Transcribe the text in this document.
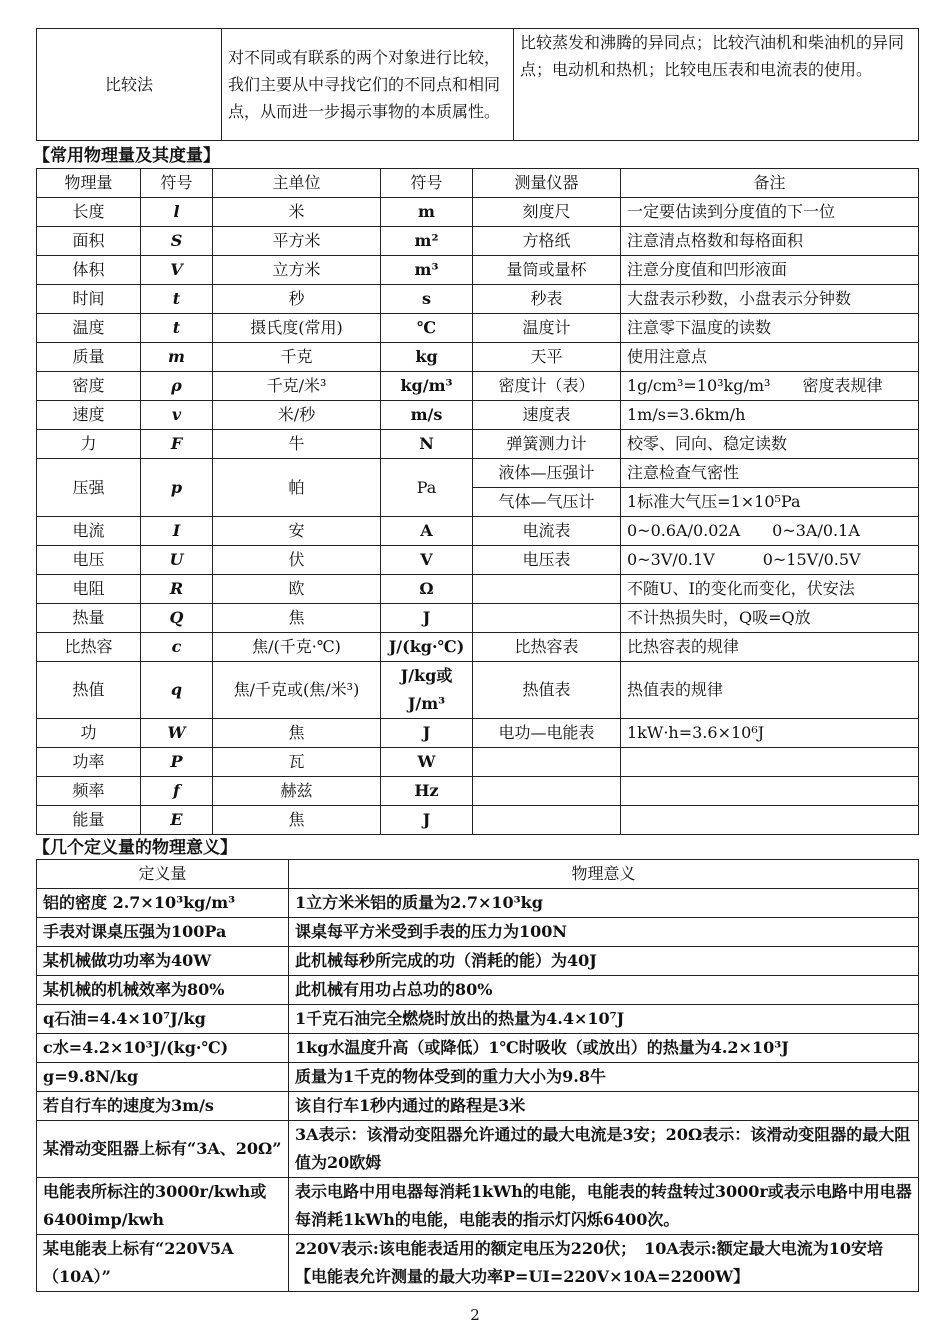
比较法	对不同或有联系的两个对象进行比较，我们主要从中寻找它们的不同点和相同点，从而进一步揭示事物的本质属性。	比较蒸发和沸腾的异同点；比较汽油机和柴油机的异同点；电动机和热机；比较电压表和电流表的使用。
【常用物理量及其度量】
物理量	符号	主单位	符号	测量仪器	备注
长度	l	米	m	刻度尺	一定要估读到分度值的下一位
面积	S	平方米	m²	方格纸	注意清点格数和每格面积
体积	V	立方米	m³	量筒或量杯	注意分度值和凹形液面
时间	t	秒	s	秒表	大盘表示秒数，小盘表示分钟数
温度	t	摄氏度(常用)	℃	温度计	注意零下温度的读数
质量	m	千克	kg	天平	使用注意点
密度	ρ	千克/米³	kg/m³	密度计（表）	1g/cm³=10³kg/m³　　密度表规律
速度	v	米/秒	m/s	速度表	1m/s=3.6km/h
力	F	牛	N	弹簧测力计	校零、同向、稳定读数
压强	p	帕	Pa	液体—压强计	注意检查气密性
				气体—气压计	1标准大气压=1×10⁵Pa
电流	I	安	A	电流表	0~0.6A/0.02A　　0~3A/0.1A
电压	U	伏	V	电压表	0~3V/0.1V　　　0~15V/0.5V
电阻	R	欧	Ω		不随U、I的变化而变化，伏安法
热量	Q	焦	J		不计热损失时，Q吸=Q放
比热容	c	焦/(千克·℃)	J/(kg·℃)	比热容表	比热容表的规律
热值	q	焦/千克或(焦/米³)	J/kg或J/m³	热值表	热值表的规律
功	W	焦	J	电功—电能表	1kW·h=3.6×10⁶J
功率	P	瓦	W		
频率	f	赫兹	Hz		
能量	E	焦	J		
【几个定义量的物理意义】
定义量	物理意义
铝的密度 2.7×10³kg/m³	1立方米米铝的质量为2.7×10³kg
手表对课桌压强为100Pa	课桌每平方米受到手表的压力为100N
某机械做功功率为40W	此机械每秒所完成的功（消耗的能）为40J
某机械的机械效率为80%	此机械有用功占总功的80%
q石油=4.4×10⁷J/kg	1千克石油完全燃烧时放出的热量为4.4×10⁷J
c水=4.2×10³J/(kg·℃)	1kg水温度升高（或降低）1℃时吸收（或放出）的热量为4.2×10³J
g=9.8N/kg	质量为1千克的物体受到的重力大小为9.8牛
若自行车的速度为3m/s	该自行车1秒内通过的路程是3米
某滑动变阻器上标有“3A、20Ω”	3A表示：该滑动变阻器允许通过的最大电流是3安；20Ω表示：该滑动变阻器的最大阻值为20欧姆
电能表所标注的3000r/kwh或6400imp/kwh	表示电路中用电器每消耗1kWh的电能，电能表的转盘转过3000r或表示电路中用电器每消耗1kWh的电能，电能表的指示灯闪烁6400次。
某电能表上标有“220V5A（10A）”	220V表示:该电能表适用的额定电压为220伏；　10A表示:额定最大电流为10安培【电能表允许测量的最大功率P=UI=220V×10A=2200W】
2
